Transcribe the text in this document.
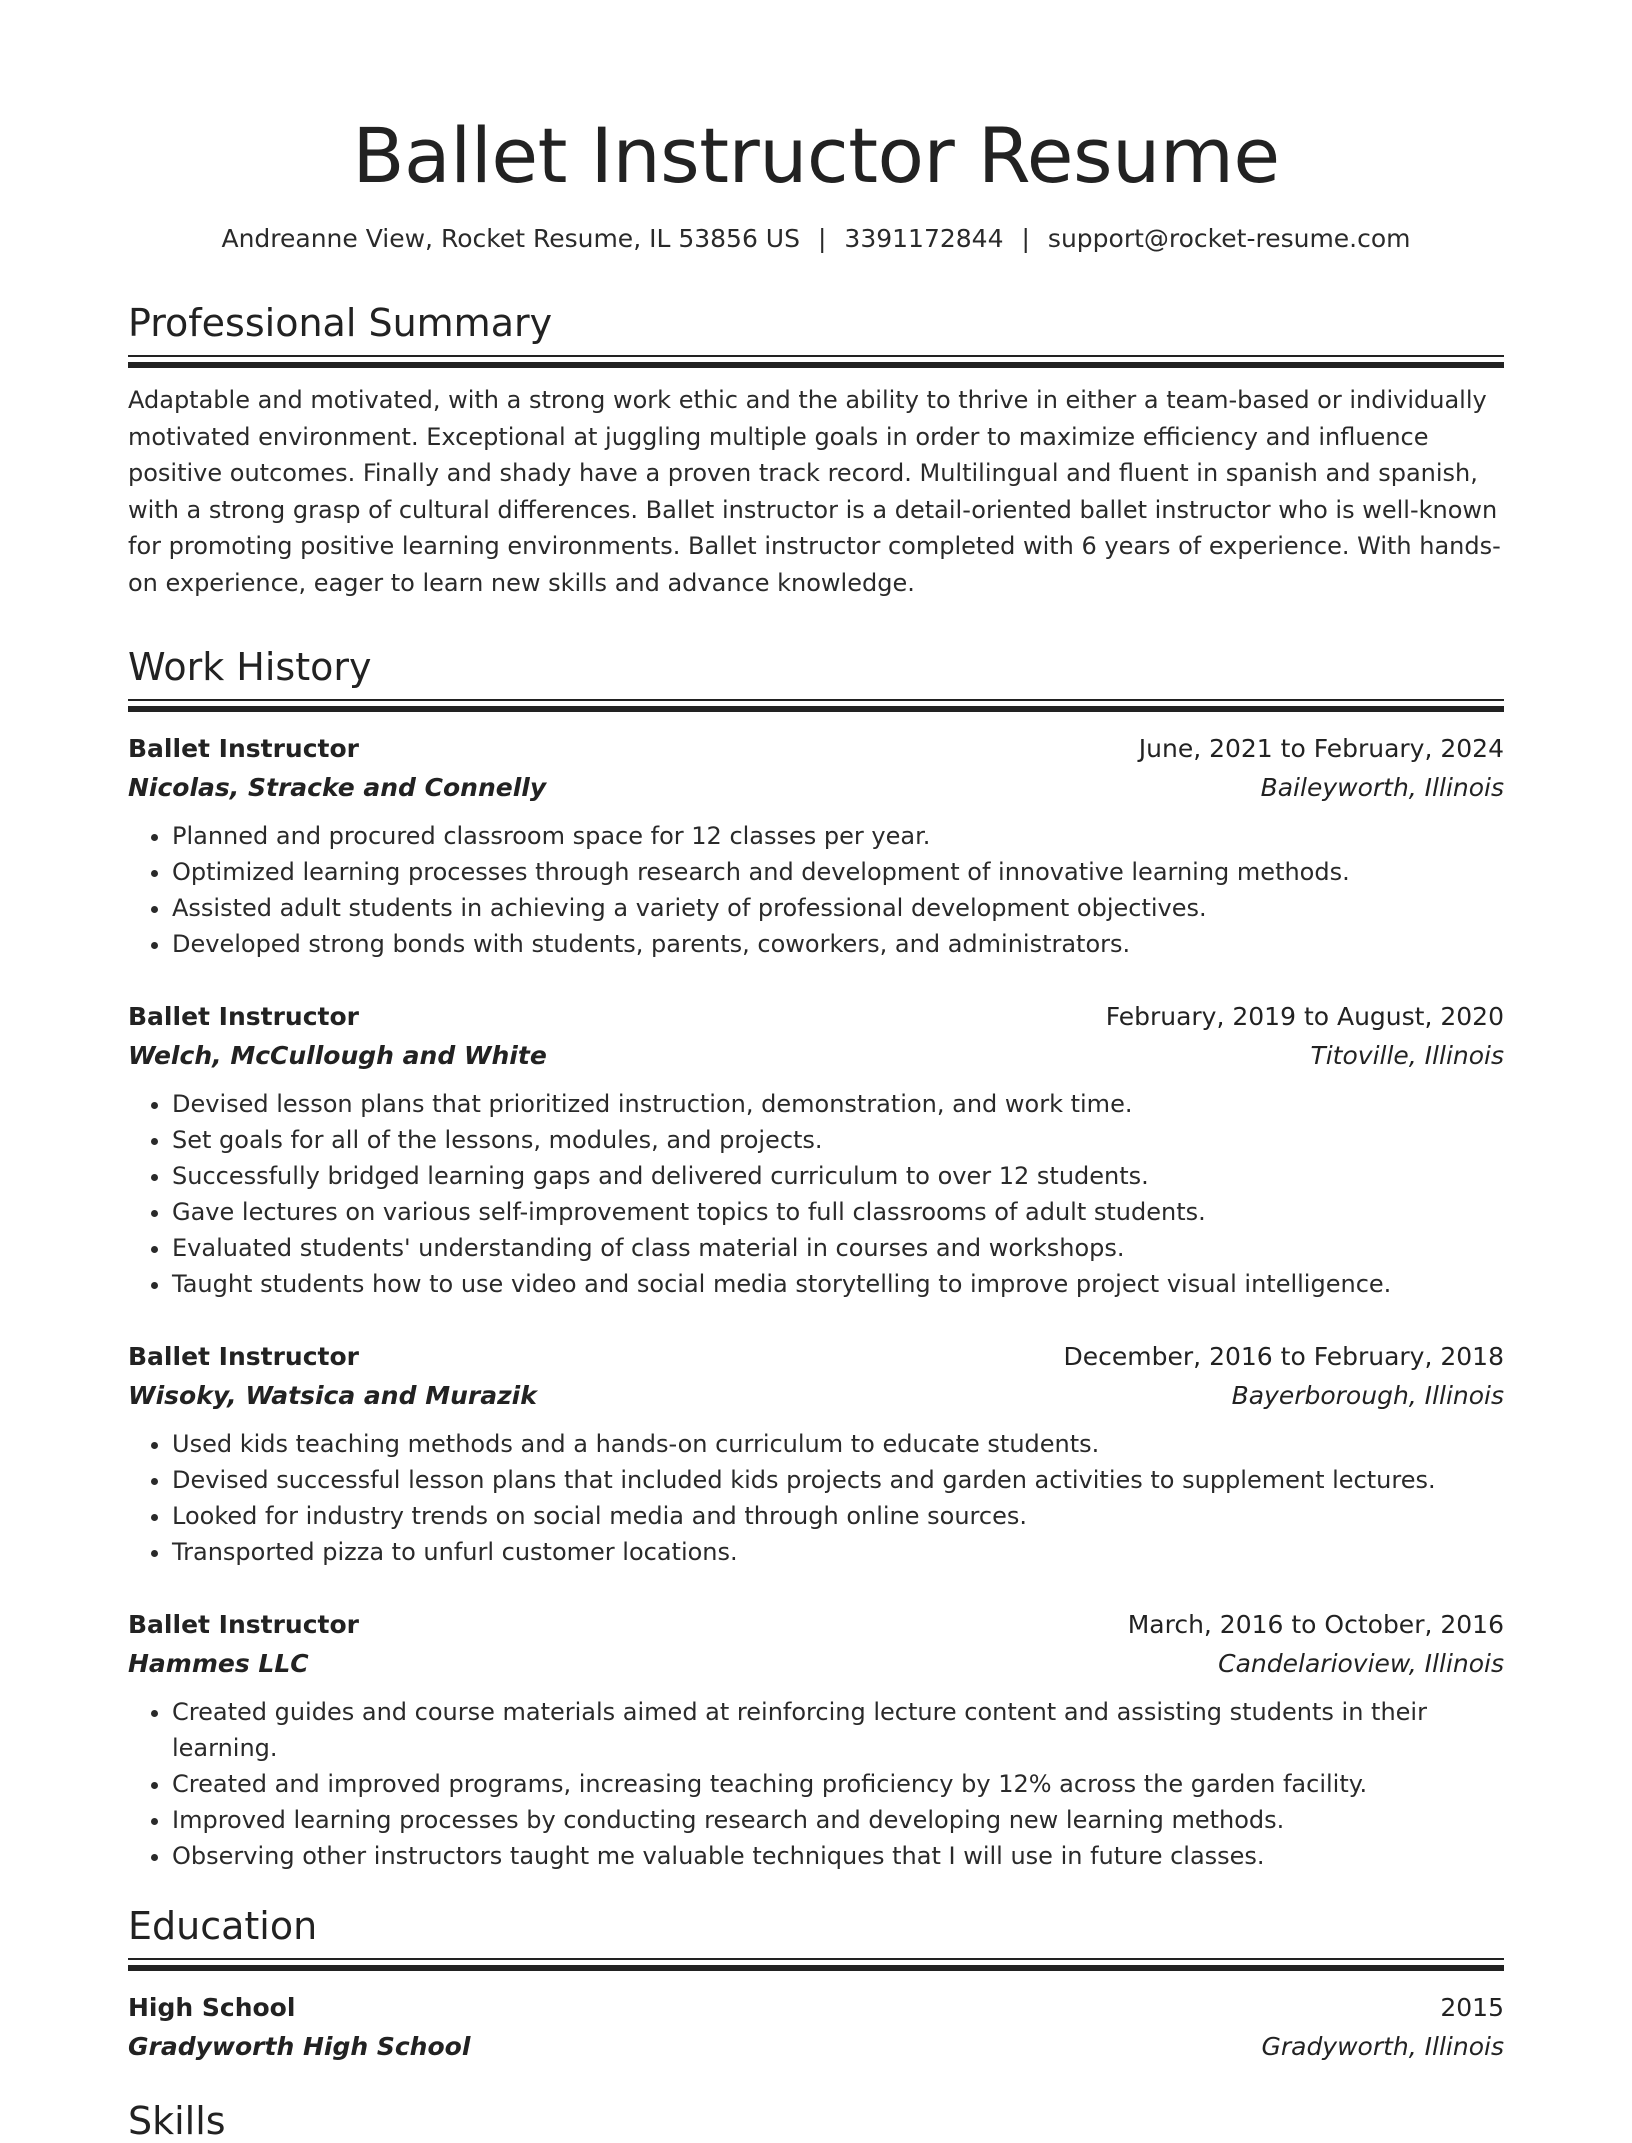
Ballet Instructor Resume
Andreanne View, Rocket Resume, IL 53856 US | 3391172844 | support@rocket-resume.com
Professional Summary

Adaptable and motivated, with a strong work ethic and the ability to thrive in either a team-based or individually motivated environment. Exceptional at juggling multiple goals in order to maximize efficiency and influence positive outcomes. Finally and shady have a proven track record. Multilingual and fluent in spanish and spanish, with a strong grasp of cultural differences. Ballet instructor is a detail-oriented ballet instructor who is well-known for promoting positive learning environments. Ballet instructor completed with 6 years of experience. With hands-on experience, eager to learn new skills and advance knowledge.

Work History
Ballet Instructor	June, 2021 to February, 2024
Nicolas, Stracke and Connelly	Baileyworth, Illinois
• Planned and procured classroom space for 12 classes per year.
• Optimized learning processes through research and development of innovative learning methods.
• Assisted adult students in achieving a variety of professional development objectives.
• Developed strong bonds with students, parents, coworkers, and administrators.
Ballet Instructor	February, 2019 to August, 2020
Welch, McCullough and White	Titoville, Illinois
• Devised lesson plans that prioritized instruction, demonstration, and work time.
• Set goals for all of the lessons, modules, and projects.
• Successfully bridged learning gaps and delivered curriculum to over 12 students.
• Gave lectures on various self-improvement topics to full classrooms of adult students.
• Evaluated students' understanding of class material in courses and workshops.
• Taught students how to use video and social media storytelling to improve project visual intelligence.
Ballet Instructor	December, 2016 to February, 2018
Wisoky, Watsica and Murazik	Bayerborough, Illinois
• Used kids teaching methods and a hands-on curriculum to educate students.
• Devised successful lesson plans that included kids projects and garden activities to supplement lectures.
• Looked for industry trends on social media and through online sources.
• Transported pizza to unfurl customer locations.
Ballet Instructor	March, 2016 to October, 2016
Hammes LLC	Candelarioview, Illinois
• Created guides and course materials aimed at reinforcing lecture content and assisting students in their learning.
• Created and improved programs, increasing teaching proficiency by 12% across the garden facility.
• Improved learning processes by conducting research and developing new learning methods.
• Observing other instructors taught me valuable techniques that I will use in future classes.
Education
High School	2015
Gradyworth High School	Gradyworth, Illinois
Skills
